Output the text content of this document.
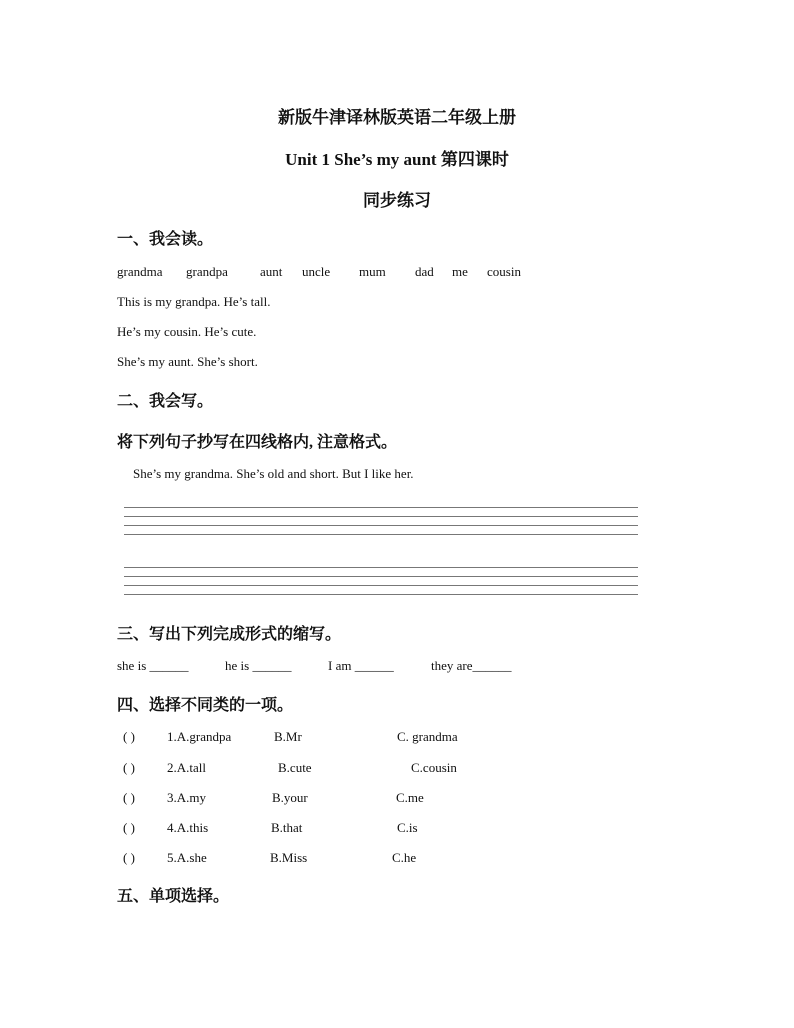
新版牛津译林版英语二年级上册
Unit 1 She’s my aunt 第四课时
同步练习
一、我会读。
grandma grandpa aunt uncle mum dad me cousin
This is my grandpa. He’s tall.
He’s my cousin. He’s cute.
She’s my aunt. She’s short.
二、我会写。
将下列句子抄写在四线格内, 注意格式。
She’s my grandma. She’s old and short. But I like her.
三、写出下列完成形式的缩写。
she is ______	he is ______	I am ______	they are______
四、选择不同类的一项。
( ) 1.A.grandpa	B.Mr	C. grandma
( ) 2.A.tall	B.cute	C.cousin
( ) 3.A.my	B.your	C.me
( ) 4.A.this	B.that	C.is
( ) 5.A.she	B.Miss	C.he
五、单项选择。
